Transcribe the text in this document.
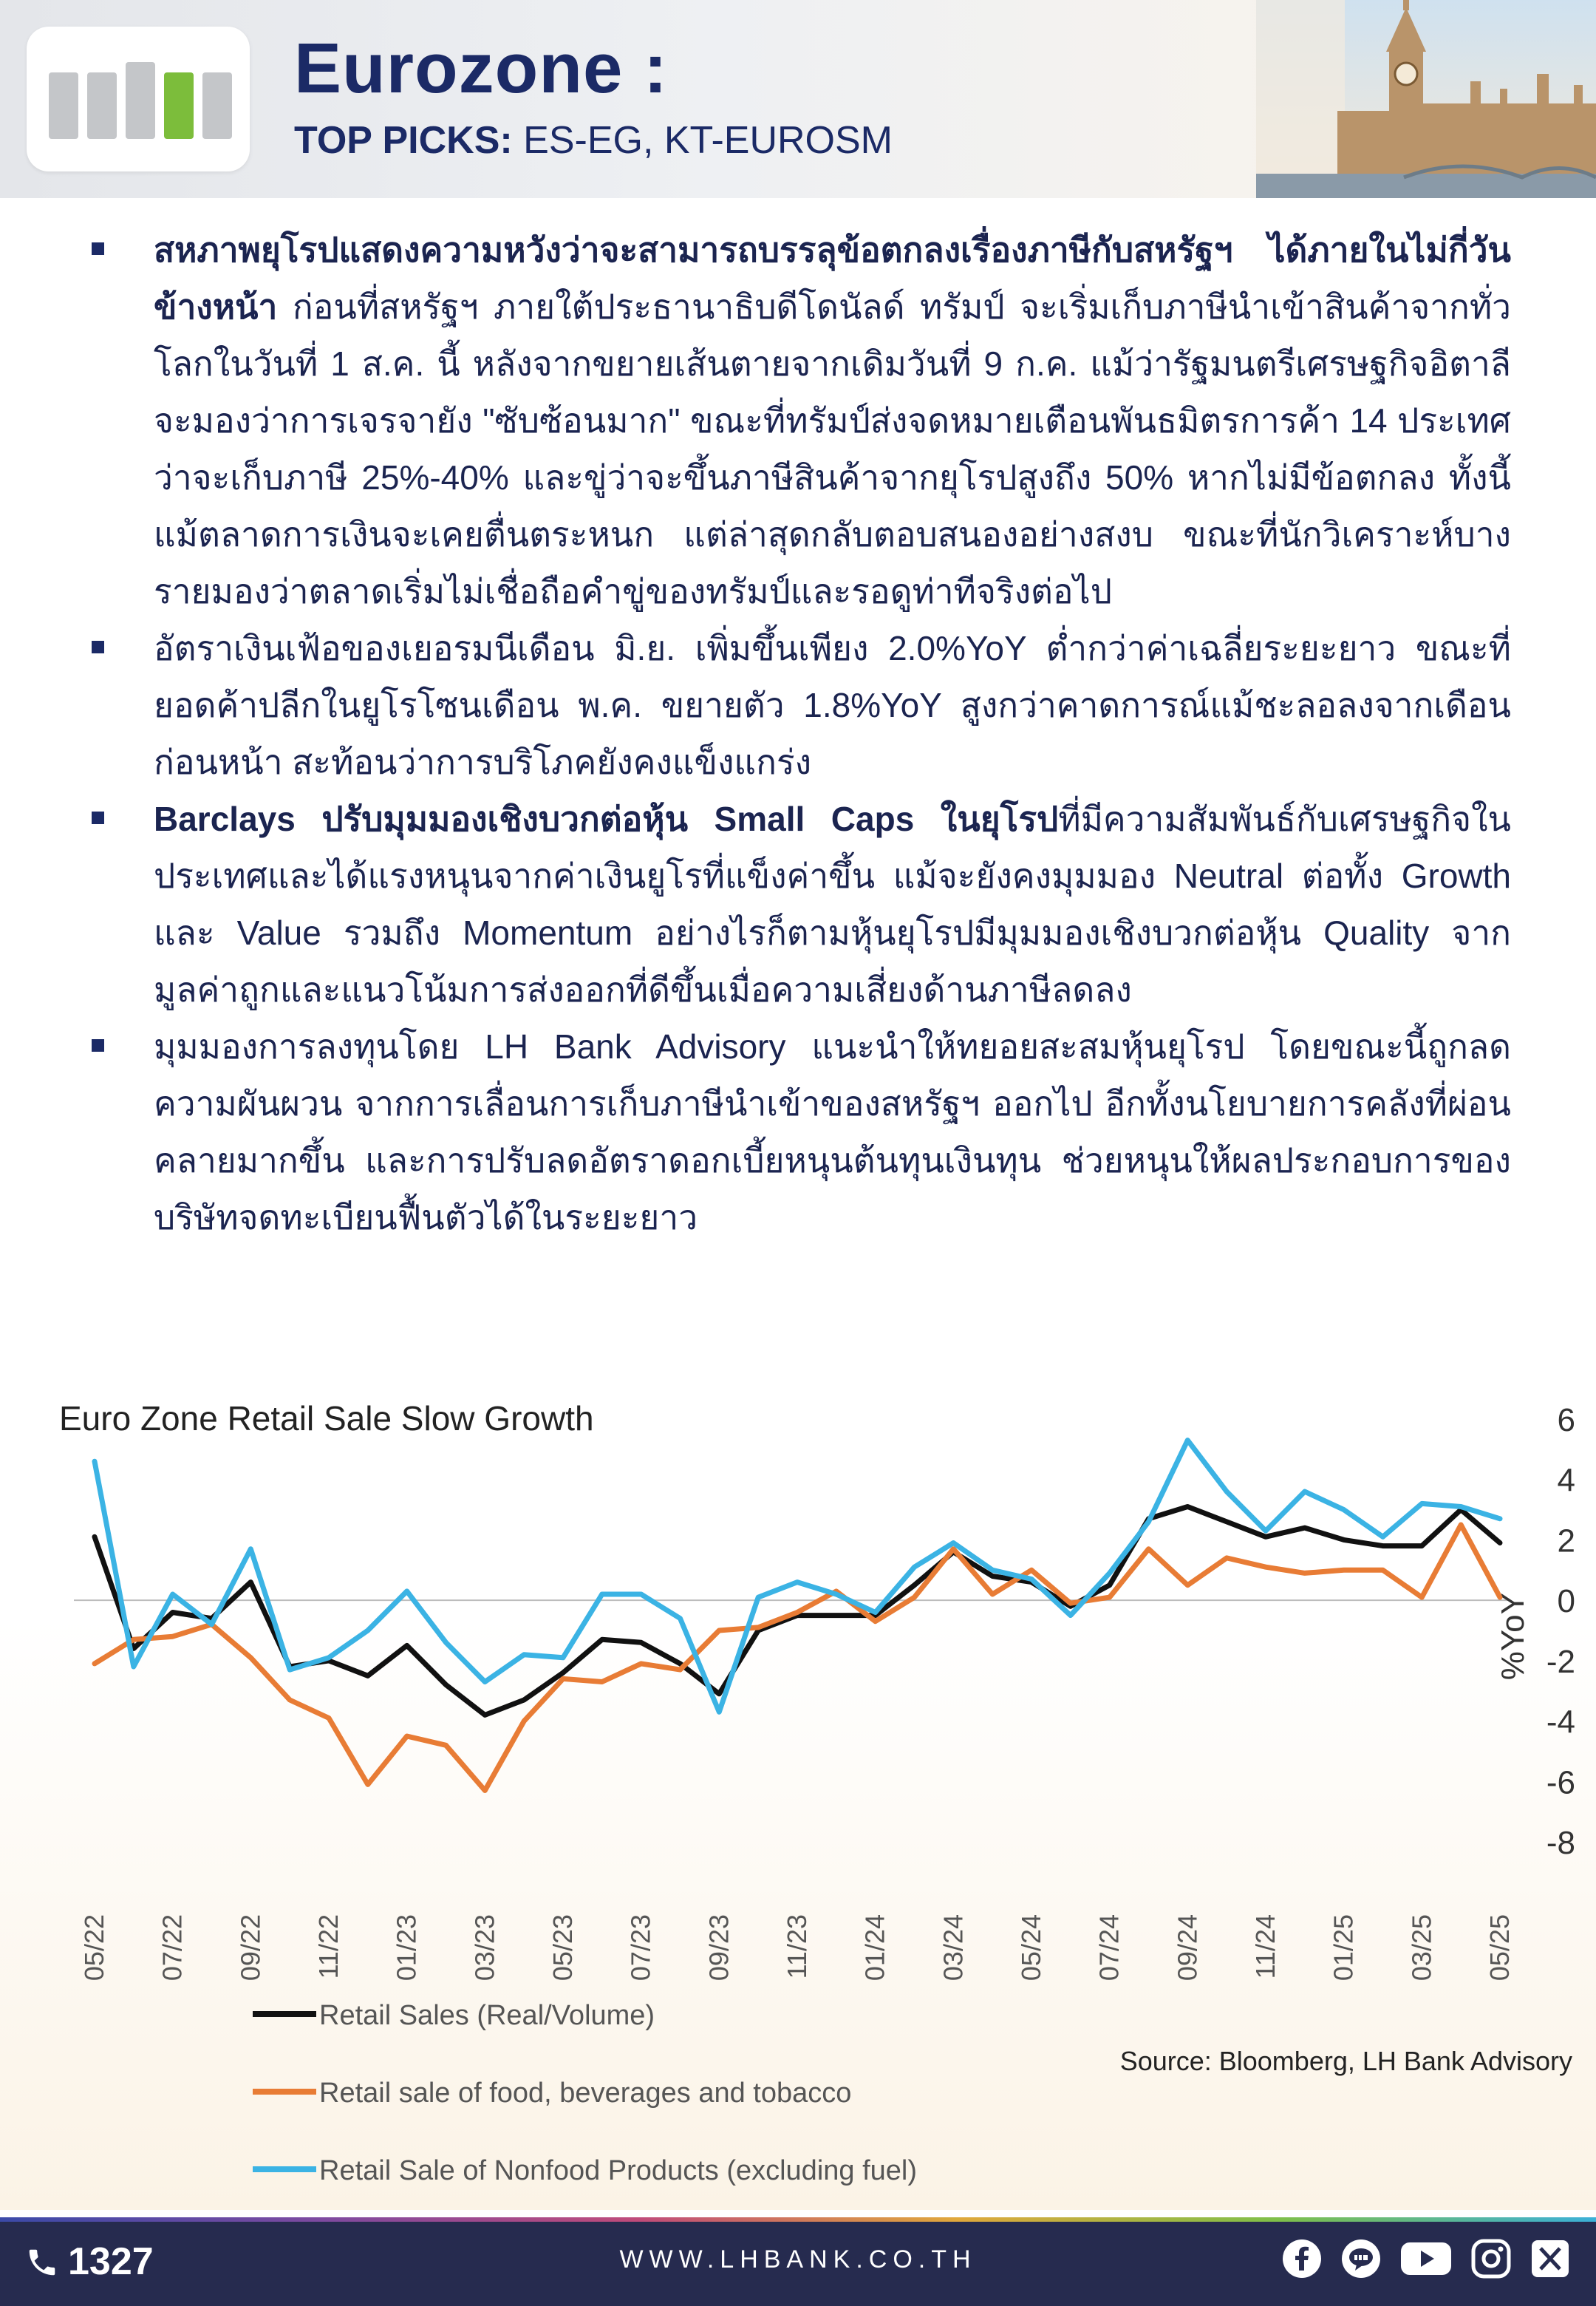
Eurozone :
TOP PICKS: ES-EG, KT-EUROSM
สหภาพยุโรปแสดงความหวังว่าจะสามารถบรรลุข้อตกลงเรื่องภาษีกับสหรัฐฯ ได้ภายในไม่กี่วันข้างหน้า ก่อนที่สหรัฐฯ ภายใต้ประธานาธิบดีโดนัลด์ ทรัมป์ จะเริ่มเก็บภาษีนำเข้าสินค้าจากทั่วโลกในวันที่ 1 ส.ค. นี้ หลังจากขยายเส้นตายจากเดิมวันที่ 9 ก.ค. แม้ว่ารัฐมนตรีเศรษฐกิจอิตาลีจะมองว่าการเจรจายัง "ซับซ้อนมาก" ขณะที่ทรัมป์ส่งจดหมายเตือนพันธมิตรการค้า 14 ประเทศว่าจะเก็บภาษี 25%-40% และขู่ว่าจะขึ้นภาษีสินค้าจากยุโรปสูงถึง 50% หากไม่มีข้อตกลง ทั้งนี้ แม้ตลาดการเงินจะเคยตื่นตระหนก แต่ล่าสุดกลับตอบสนองอย่างสงบ ขณะที่นักวิเคราะห์บางรายมองว่าตลาดเริ่มไม่เชื่อถือคำขู่ของทรัมป์และรอดูท่าทีจริงต่อไป
อัตราเงินเฟ้อของเยอรมนีเดือน มิ.ย. เพิ่มขึ้นเพียง 2.0%YoY ต่ำกว่าค่าเฉลี่ยระยะยาว ขณะที่ยอดค้าปลีกในยูโรโซนเดือน พ.ค. ขยายตัว 1.8%YoY สูงกว่าคาดการณ์แม้ชะลอลงจากเดือนก่อนหน้า สะท้อนว่าการบริโภคยังคงแข็งแกร่ง
Barclays ปรับมุมมองเชิงบวกต่อหุ้น Small Caps ในยุโรปที่มีความสัมพันธ์กับเศรษฐกิจในประเทศและได้แรงหนุนจากค่าเงินยูโรที่แข็งค่าขึ้น แม้จะยังคงมุมมอง Neutral ต่อทั้ง Growth และ Value รวมถึง Momentum อย่างไรก็ตามหุ้นยุโรปมีมุมมองเชิงบวกต่อหุ้น Quality จากมูลค่าถูกและแนวโน้มการส่งออกที่ดีขึ้นเมื่อความเสี่ยงด้านภาษีลดลง
มุมมองการลงทุนโดย LH Bank Advisory แนะนำให้ทยอยสะสมหุ้นยุโรป โดยขณะนี้ถูกลดความผันผวน จากการเลื่อนการเก็บภาษีนำเข้าของสหรัฐฯ ออกไป อีกทั้งนโยบายการคลังที่ผ่อนคลายมากขึ้น และการปรับลดอัตราดอกเบี้ยหนุนต้นทุนเงินทุน ช่วยหนุนให้ผลประกอบการของบริษัทจดทะเบียนฟื้นตัวได้ในระยะยาว
Euro Zone Retail Sale Slow Growth	6
4
2
0
-2
-4
-6
-8
%YoY
05/22 07/22 09/22 11/22 01/23 03/23 05/23 07/23 09/23 11/23 01/24 03/24 05/24 07/24 09/24 11/24 01/25 03/25 05/25
Retail Sales (Real/Volume)
Retail sale of food, beverages and tobacco
Retail Sale of Nonfood Products (excluding fuel)
Source: Bloomberg, LH Bank Advisory
1327	WWW.LHBANK.CO.TH
